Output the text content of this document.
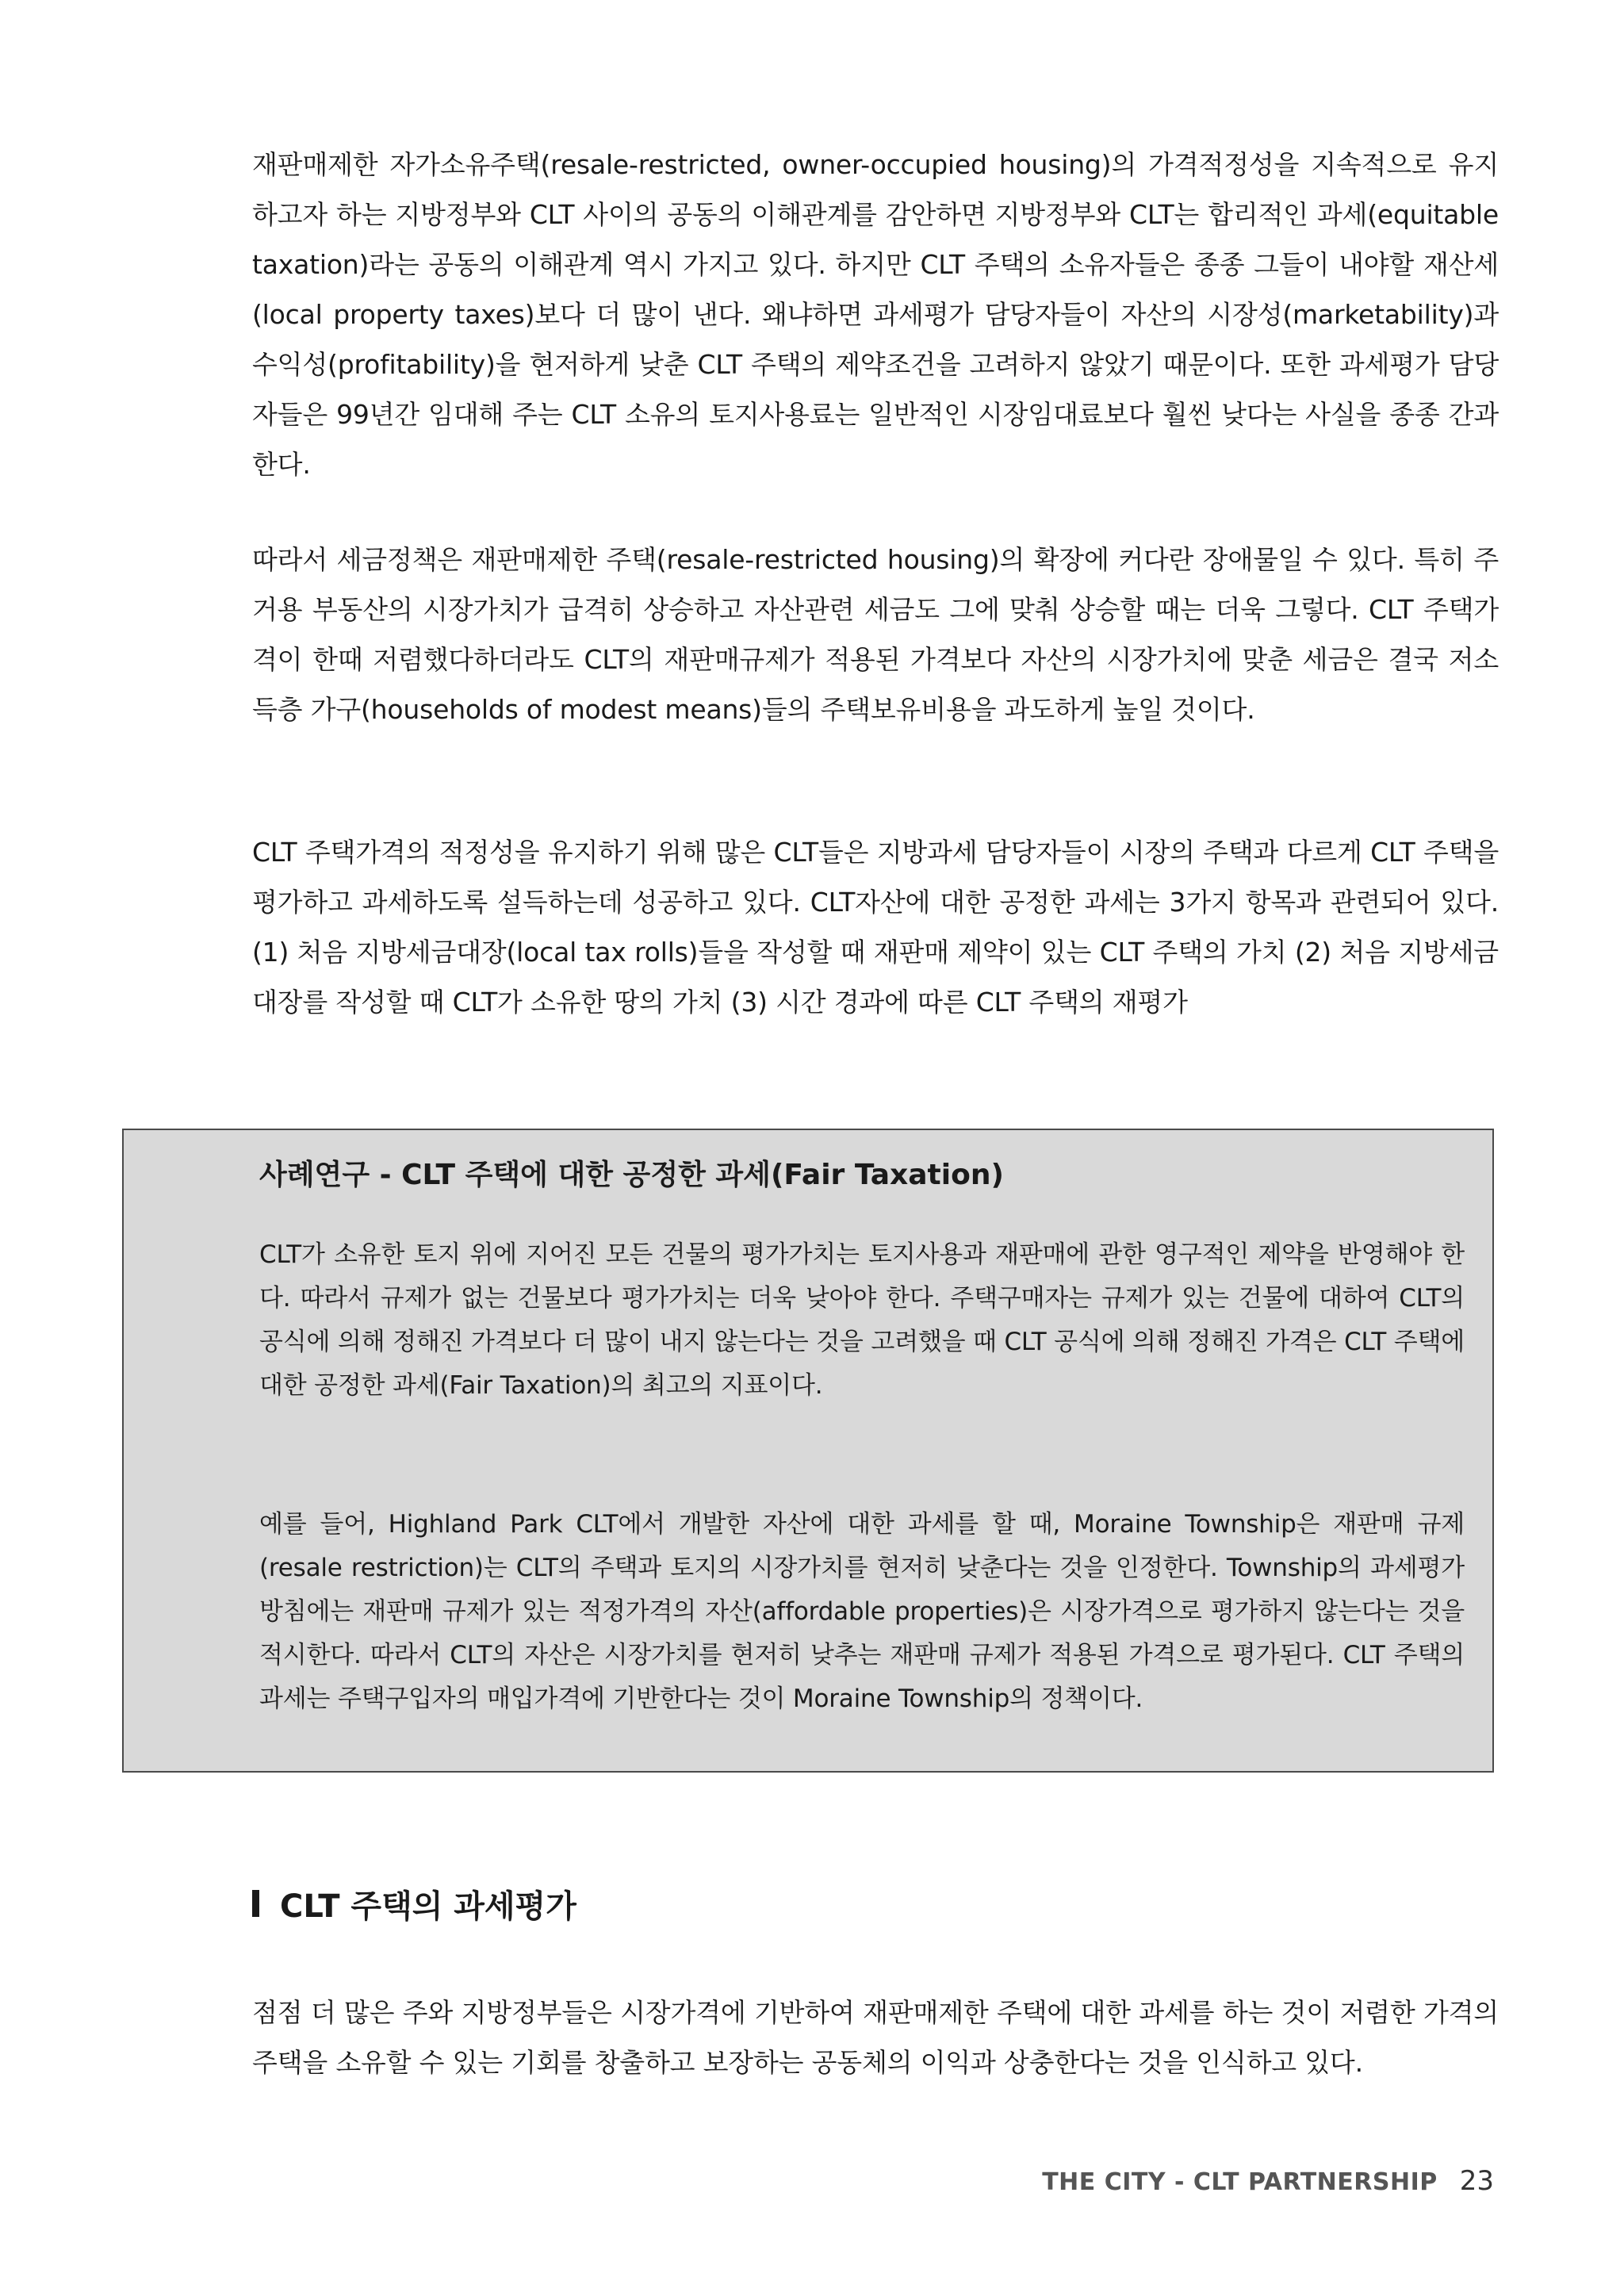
재판매제한 자가소유주택(resale-restricted, owner-occupied housing)의 가격적정성을 지속적으로 유지하고자 하는 지방정부와 CLT 사이의 공동의 이해관계를 감안하면 지방정부와 CLT는 합리적인 과세(equitable taxation)라는 공동의 이해관계 역시 가지고 있다. 하지만 CLT 주택의 소유자들은 종종 그들이 내야할 재산세(local property taxes)보다 더 많이 낸다. 왜냐하면 과세평가 담당자들이 자산의 시장성(marketability)과 수익성(profitability)을 현저하게 낮춘 CLT 주택의 제약조건을 고려하지 않았기 때문이다. 또한 과세평가 담당자들은 99년간 임대해 주는 CLT 소유의 토지사용료는 일반적인 시장임대료보다 훨씬 낮다는 사실을 종종 간과한다.

따라서 세금정책은 재판매제한 주택(resale-restricted housing)의 확장에 커다란 장애물일 수 있다. 특히 주거용 부동산의 시장가치가 급격히 상승하고 자산관련 세금도 그에 맞춰 상승할 때는 더욱 그렇다. CLT 주택가격이 한때 저렴했다하더라도 CLT의 재판매규제가 적용된 가격보다 자산의 시장가치에 맞춘 세금은 결국 저소득층 가구(households of modest means)들의 주택보유비용을 과도하게 높일 것이다.

CLT 주택가격의 적정성을 유지하기 위해 많은 CLT들은 지방과세 담당자들이 시장의 주택과 다르게 CLT 주택을 평가하고 과세하도록 설득하는데 성공하고 있다. CLT자산에 대한 공정한 과세는 3가지 항목과 관련되어 있다. (1) 처음 지방세금대장(local tax rolls)들을 작성할 때 재판매 제약이 있는 CLT 주택의 가치 (2) 처음 지방세금대장를 작성할 때 CLT가 소유한 땅의 가치 (3) 시간 경과에 따른 CLT 주택의 재평가

사례연구 - CLT 주택에 대한 공정한 과세(Fair Taxation)

CLT가 소유한 토지 위에 지어진 모든 건물의 평가가치는 토지사용과 재판매에 관한 영구적인 제약을 반영해야 한다. 따라서 규제가 없는 건물보다 평가가치는 더욱 낮아야 한다. 주택구매자는 규제가 있는 건물에 대하여 CLT의 공식에 의해 정해진 가격보다 더 많이 내지 않는다는 것을 고려했을 때 CLT 공식에 의해 정해진 가격은 CLT 주택에 대한 공정한 과세(Fair Taxation)의 최고의 지표이다.

예를 들어, Highland Park CLT에서 개발한 자산에 대한 과세를 할 때, Moraine Township은 재판매 규제(resale restriction)는 CLT의 주택과 토지의 시장가치를 현저히 낮춘다는 것을 인정한다. Township의 과세평가 방침에는 재판매 규제가 있는 적정가격의 자산(affordable properties)은 시장가격으로 평가하지 않는다는 것을 적시한다. 따라서 CLT의 자산은 시장가치를 현저히 낮추는 재판매 규제가 적용된 가격으로 평가된다. CLT 주택의 과세는 주택구입자의 매입가격에 기반한다는 것이 Moraine Township의 정책이다.

CLT 주택의 과세평가

점점 더 많은 주와 지방정부들은 시장가격에 기반하여 재판매제한 주택에 대한 과세를 하는 것이 저렴한 가격의 주택을 소유할 수 있는 기회를 창출하고 보장하는 공동체의 이익과 상충한다는 것을 인식하고 있다.

THE CITY - CLT PARTNERSHIP 23
